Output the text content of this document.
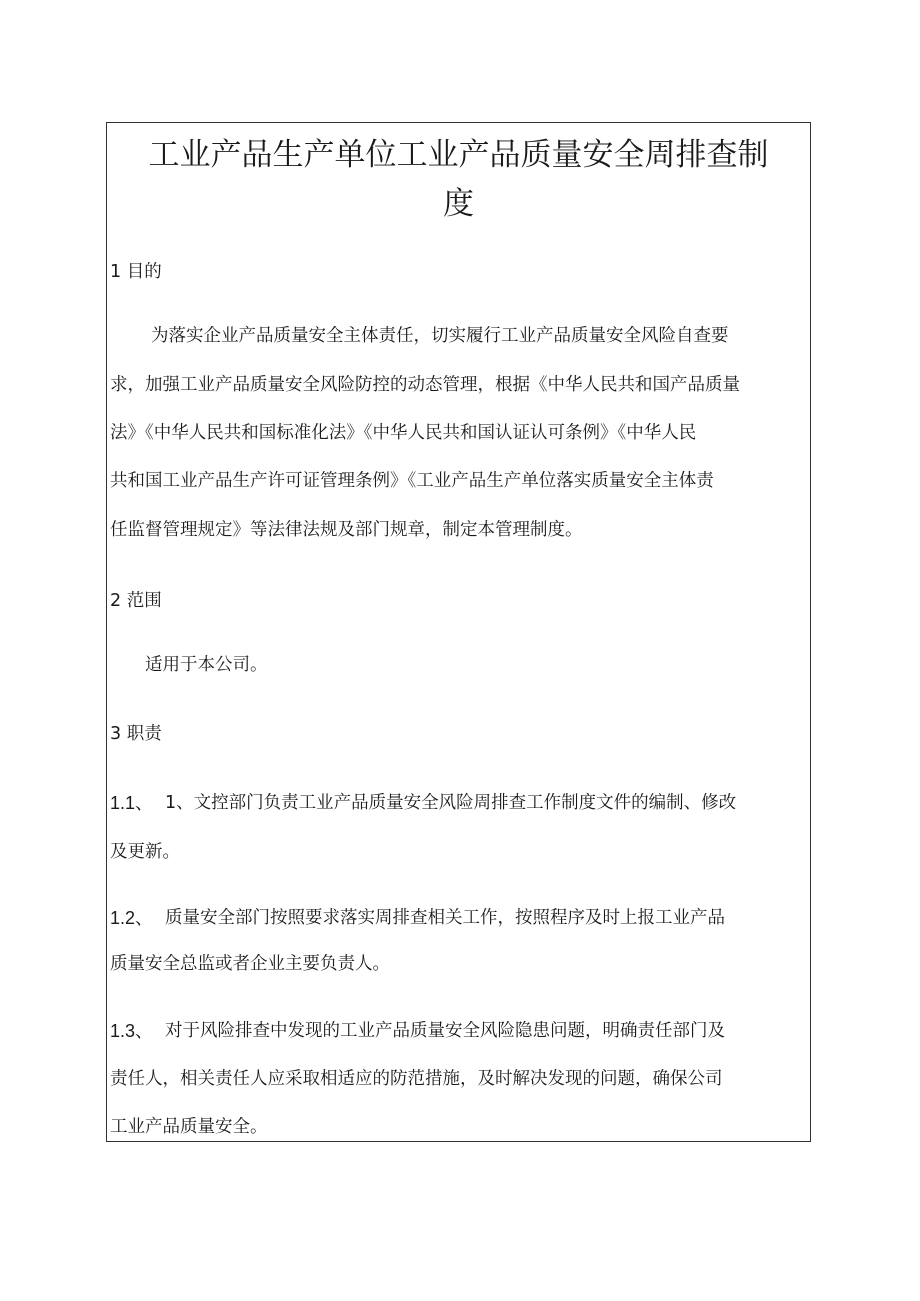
工业产品生产单位工业产品质量安全周排查制
度
1 目的
为落实企业产品质量安全主体责任，切实履行工业产品质量安全风险自查要
求，加强工业产品质量安全风险防控的动态管理，根据《中华人民共和国产品质量
法》《中华人民共和国标准化法》《中华人民共和国认证认可条例》《中华人民
共和国工业产品生产许可证管理条例》《工业产品生产单位落实质量安全主体责
任监督管理规定》等法律法规及部门规章，制定本管理制度。
2 范围
适用于本公司。
3 职责
1.1、 1、文控部门负责工业产品质量安全风险周排查工作制度文件的编制、修改
及更新。
1.2、 质量安全部门按照要求落实周排查相关工作，按照程序及时上报工业产品
质量安全总监或者企业主要负责人。
1.3、 对于风险排查中发现的工业产品质量安全风险隐患问题，明确责任部门及
责任人，相关责任人应采取相适应的防范措施，及时解决发现的问题，确保公司
工业产品质量安全。
